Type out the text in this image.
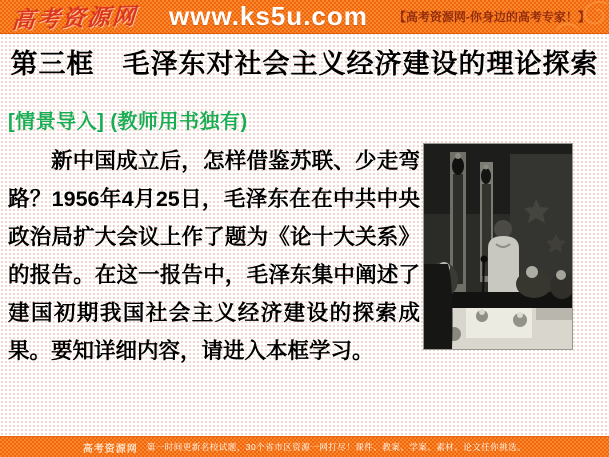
高考资源网 www.ks5u.com 【高考资源网-你身边的高考专家！】
第三框　毛泽东对社会主义经济建设的理论探索
[情景导入] (教师用书独有)

新中国成立后，怎样借鉴苏联、少走弯路？1956年4月25日，毛泽东在在中共中央政治局扩大会议上作了题为《论十大关系》的报告。在这一报告中，毛泽东集中阐述了建国初期我国社会主义经济建设的探索成果。要知详细内容，请进入本框学习。

高考资源网 第一时间更新名校试题，30个省市区资源一网打尽！课件、教案、学案、素材、论文任你挑选。
